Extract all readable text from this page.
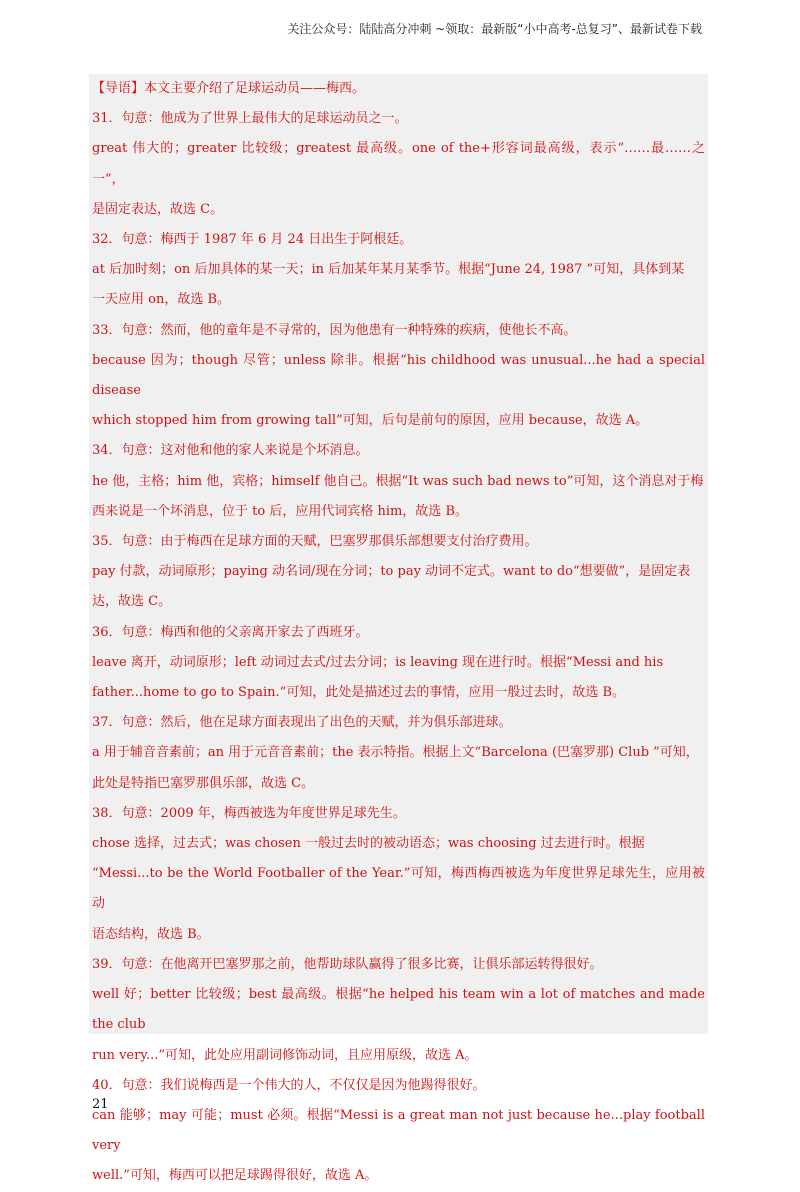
关注公众号：陆陆高分冲刺 ~领取：最新版“小中高考-总复习”、最新试卷下载

【导语】本文主要介绍了足球运动员——梅西。

31．句意：他成为了世界上最伟大的足球运动员之一。

great 伟大的；greater 比较级；greatest 最高级。one of the+形容词最高级，表示“……最……之一”，

是固定表达，故选 C。

32．句意：梅西于 1987 年 6 月 24 日出生于阿根廷。

at 后加时刻；on 后加具体的某一天；in 后加某年某月某季节。根据“June 24, 1987 ”可知，具体到某

一天应用 on，故选 B。

33．句意：然而，他的童年是不寻常的，因为他患有一种特殊的疾病，使他长不高。

because 因为；though 尽管；unless 除非。根据“his childhood was unusual...he had a special disease

which stopped him from growing tall”可知，后句是前句的原因，应用 because，故选 A。

34．句意：这对他和他的家人来说是个坏消息。

he 他，主格；him 他，宾格；himself 他自己。根据“It was such bad news to”可知，这个消息对于梅

西来说是一个坏消息，位于 to 后，应用代词宾格 him，故选 B。

35．句意：由于梅西在足球方面的天赋，巴塞罗那俱乐部想要支付治疗费用。

pay 付款，动词原形；paying 动名词/现在分词；to pay 动词不定式。want to do“想要做”，是固定表

达，故选 C。

36．句意：梅西和他的父亲离开家去了西班牙。

leave 离开，动词原形；left 动词过去式/过去分词；is leaving 现在进行时。根据“Messi and his

father...home to go to Spain.”可知，此处是描述过去的事情，应用一般过去时，故选 B。

37．句意：然后，他在足球方面表现出了出色的天赋，并为俱乐部进球。

a 用于辅音音素前；an 用于元音音素前；the 表示特指。根据上文“Barcelona (巴塞罗那) Club ”可知，

此处是特指巴塞罗那俱乐部，故选 C。

38．句意：2009 年，梅西被选为年度世界足球先生。

chose 选择，过去式；was chosen 一般过去时的被动语态；was choosing 过去进行时。根据

“Messi...to be the World Footballer of the Year.”可知，梅西梅西被选为年度世界足球先生，应用被动

语态结构，故选 B。

39．句意：在他离开巴塞罗那之前，他帮助球队赢得了很多比赛，让俱乐部运转得很好。

well 好；better 比较级；best 最高级。根据“he helped his team win a lot of matches and made the club

run very...”可知，此处应用副词修饰动词，且应用原级，故选 A。

40．句意：我们说梅西是一个伟大的人，不仅仅是因为他踢得很好。

can 能够；may 可能；must 必须。根据“Messi is a great man not just because he...play football very

well.”可知，梅西可以把足球踢得很好，故选 A。

21
